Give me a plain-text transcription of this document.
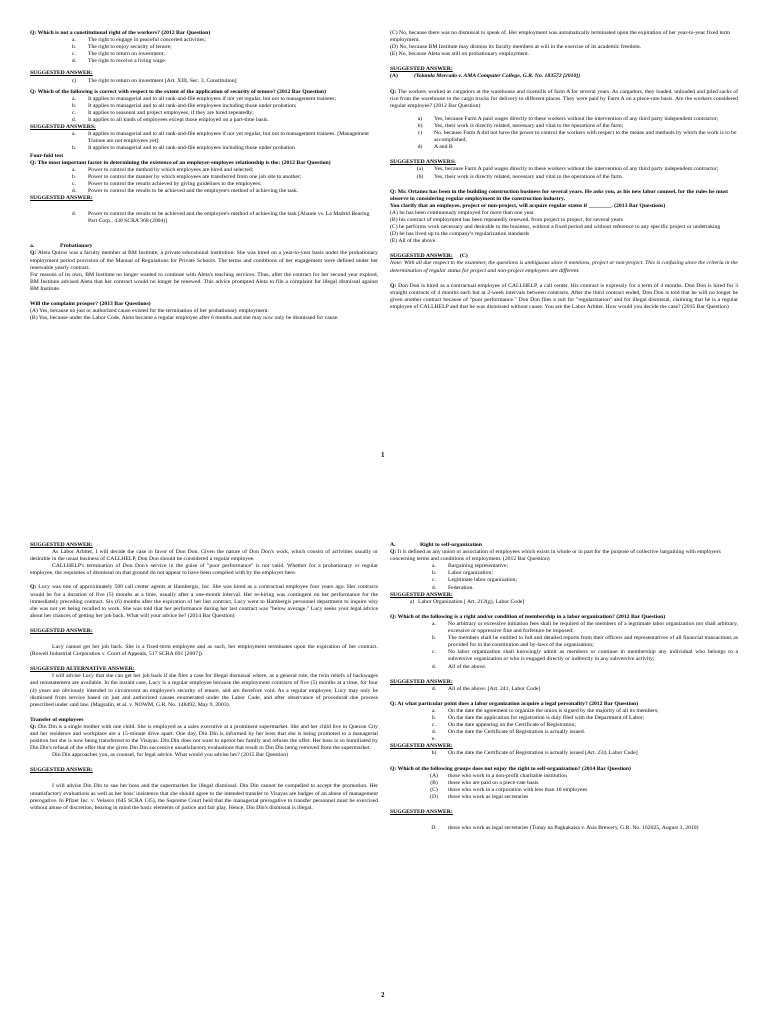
Q: Which is not a constitutional right of the workers? (2012 Bar Question)

a.	The right to engage in peaceful concerted activities;
b.	The right to enjoy security of tenure;
c.	The right to return on investment;
d.	The right to receive a living wage.

SUGGESTED ANSWER:

c)	The right to return on investment [Art. XIII, Sec. 3, Constitution]

Q: Which of the following is correct with respect to the extent of the application of security of tenure? (2012 Bar Question)

a.	It applies to managerial and to all rank-and-file employees if not yet regular, but not to management trainees;
b.	It applies to managerial and to all rank-and-file employees including those under probation;
c.	It applies to seasonal and project employees, if they are hired repeatedly;
d.	It applies to all kinds of employees except those employed on a part-time basis.

SUGGESTED ANSWERS:

a.	It applies to managerial and to all rank-and-file employees if not yet regular, but not to management trainees. [Management Trainee are not employees yet].
b.	It applies to managerial and to all rank-and-file employees including those under probation

Four-fold test

Q: The most important factor in determining the existence of an employer-employee relationship is the: (2012 Bar Question)

a.	Power to control the method by which employees are hired and selected;
b.	Power to control the manner by which employees are transferred from one job site to another;
c.	Power to control the results achieved by giving guidelines to the employees;
d.	Power to control the results to be achieved and the employee's method of achieving the task.

SUGGESTED ANSWER:

d.	Power to control the results to be achieved and the employee's method of achieving the task [Ahante vs. La Madrid Bearing Part Corp., 430 SCRA 368 (2004)]
a.	Probationary

Q: Aleta Quiros was a faculty member at BM Institute, a private educational institution. She was hired on a year-to-year basis under the probationary employment period provision of the Manual of Regulations for Private Schools. The terms and conditions of her engagement were defined under her renewable yearly contract.

For reasons of its own, BM Institute no longer wanted to continue with Aleta's teaching services. Thus, after the contract for her second year expired, BM Institute advised Aleta that her contract would no longer be renewed. This advice prompted Aleta to file a complaint for illegal dismissal against BM Institute.

Will the complaint prosper? (2013 Bar Questions)

(A) Yes, because no just or authorized cause existed for the termination of her probationary employment.

(B) Yes, because under the Labor Code, Aleta became a regular employee after 6 months and she may now only be dismissed for cause.

(C) No, because there was no dismissal to speak of. Her employment was automatically terminated upon the expiration of her year-to-year fixed term employment.

(D) No, because BM Institute may dismiss its faculty members at will in the exercise of its academic freedom.

(E) No, because Aleta was still on probationary employment.

SUGGESTED ANSWER:

(A)	(Yolanda Mercado v. AMA Computer College, G.R. No. 183572 [2010])

Q: The workers worked as cargadors at the warehouse and ricemills of farm A for several years. As cargadors, they loaded, unloaded and piled sacks of rice from the warehouse to the cargo trucks for delivery to different places. They were paid by Farm A on a piece-rate basis. Are the workers considered regular employee? (2012 Bar Question)

a)	Yes, because Farm A paid wages directly to these workers without the intervention of any third party independent contractor;
b)	Yes, their work is directly related, necessary and vital to the operations of the farm;
c)	No, because Farm A did not have the power to control the workers with respect to the means and methods by which the work is to be accomplished;
d)	A and B

SUGGESTED ANSWERS:

(a)	Yes, because Farm A paid wages directly to these workers without the intervention of any third party independent contractor;
(b)	Yes, their work is directly related, necessary and vital to the operations of the farm.

Q: Mr. Ortanez has been in the building construction business for several years. He asks you, as his new labor counsel, for the rules he must observe in considering regular employment in the construction industry.

You clarify that an employee, project or non-project, will acquire regular status if ________. (2013 Bar Questions)

(A) he has been continuously employed for more than one year

(B) his contract of employment has been repeatedly renewed, from project to project, for several years

(C) he performs work necessary and desirable to the business, without a fixed period and without reference to any specific project or undertaking

(D) he has lived up to the company's regularization standards

(E) All of the above.

SUGGESTED ANSWER: (C)

Note: With all due respect to the examiner, the questions is ambiguous since it mentions, project or non-project. This is confusing since the criteria in the determination of regular status for project and non-project employees are different.

Q: Don Don is hired as a contractual employee of CALLHELP, a call center. His contract is expressly for a term of 4 months. Don Don is hired for 3 straight contracts of 4 months each but at 2-week intervals between contracts. After the third contract ended, Don Don is told that he will no longer be given another contract because of "poor performance." Don Don files a suit for "regularization" and for illegal dismissal, claiming that he is a regular employee of CALLHELP and that he was dismissed without cause. You are the Labor Arbiter. How would you decide the case? (2015 Bar Question)

1

SUGGESTED ANSWER:

As Labor Arbiter, I will decide the case in favor of Don Don. Given the nature of Don Don's work, which consist of activities usually or desirable in the usual business of CALLHELP, Don Don should be considered a regular employee.

CALLHELP's termination of Don Don's service in the guise of "poor performance" is not valid. Whether for a probationary or regular employee, the requisites of dismissal on that ground do not appear to have been complied with by the employer here.

Q: Lucy was one of approximately 500 call center agents at Hambergis, Inc. She was hired as a contractual employee four years ago. Her contracts would be for a duration of five (5) months at a time, usually after a one-month interval. Her re-hiring was contingent on her performance for the immediately preceding contract. Six (6) months after the expiration of her last contract, Lucy went to Hambergis personnel department to inquire why she was not yet being recalled to work. She was told that her performance during her last contract was "below average." Lucy seeks your legal advice about her chances of getting her job back. What will your advice be? (2014 Bar Question)

SUGGESTED ANSWER:

Lucy cannot get her job back. She is a fixed-term employee and as such, her employment terminates upon the expiration of her contract. (Rowell Industrial Corporation v. Court of Appeals, 517 SCRA 691 [2007]).

SUGGESTED ALTERNATIVE ANSWER:

I will advise Lucy that she can get her job back if she files a case for illegal dismissal where, as a general rule, the twin reliefs of backwages and reinstatement are available. In the instant case, Lucy is a regular employee because the employment contracts of five (5) months at a time, for four (4) years are obviously intended to circumvent an employee's security of tenure, and are therefore void. As a regular employee, Lucy may only be dismissed from service based on just and authorized causes enumerated under the Labor Code, and after observance of procedural due process prescribed under said law. (Magsalin, et al. v. NOWM, G.R. No. 148492, May 9, 2003).

Transfer of employees

Q: Din Din is a single mother with one child. She is employed as a sales executive at a prominent supermarket. She and her child live in Quezon City and her residence and workplace are a 15-minute drive apart. One day, Din Din is informed by her boss that she is being promoted to a managerial position but she is now being transferred to the Visayas. Din Din does not want to uproot her family and refuses the offer. Her boss is so humiliated by Din Din's refusal of the offer that she gives Din Din successive unsatisfactory evaluations that result in Din Din being removed from the supermarket.

Din Din approaches you, as counsel, for legal advice. What would you advise her? (2015 Bar Question)

SUGGESTED ANSWER:

I will advise Din Din to sue her boss and the supermarket for illegal dismissal. Din Din cannot be compelled to accept the promotion. Her unsatisfactory evaluations as well as her boss' insistence that she should agree to the intended transfer to Visayas are badges of an abuse of management prerogative. In Pfizer Inc. v. Velasco (645 SCRA 135), the Supreme Court held that the managerial prerogative to transfer personnel must be exercised without abuse of discretion, bearing in mind the basic elements of justice and fair play. Hence, Din Din's dismissal is illegal.

A.	Right to self-organization

Q: It is defined as any union or association of employees which exists in whole or in part for the purpose of collective bargaining with employers concerning terms and conditions of employment. (2012 Bar Question)

a.	Bargaining representative;
b.	Labor organization;
c.	Legitimate labor organization;
d.	Federation.

SUGGESTED ANSWER:

a) Labor Organization [ Art. 212(g), Labor Code]

Q: Which of the following is a right and/or condition of membership in a labor organization? (2012 Bar Question)

a.	No arbitrary or excessive initiation fees shall be required of the members of a legitimate labor organization nor shall arbitrary, excessive or oppressive fine and forfeiture be imposed;
b.	The members shall be entitled to full and detailed reports from their officers and representatives of all financial transactions as provided for in the constitution and by-laws of the organization;
c.	No labor organization shall knowingly admit as members or continue in membership any individual who belongs to a subversive organization or who is engaged directly or indirectly in any subversive activity;
d.	All of the above.

SUGGESTED ANSWER:

d.	All of the above. [Art. 241, Labor Code]

Q: At what particular point does a labor organization acquire a legal personality? (2012 Bar Question)

a.	On the date the agreement to organize the union is signed by the majority of all its members;
b.	On the date the application for registration is duly filed with the Department of Labor;
c.	On the date appearing on the Certificate of Registration;
d.	On the date the Certificate of Registration is actually issued.
e.

SUGGESTED ANSWER:

b)	On the date the Certificate of Registration is actually issued [Art. 234, Labor Code]

Q: Which of the following groups does not enjoy the right to self-organization? (2014 Bar Question)

(A)	those who work in a non-profit charitable institution
(B)	those who are paid on a piece-rate basis
(C)	those who work in a corporation with less than 10 employees
(D)	those who work as legal secretaries

SUGGESTED ANSWER:

D.	those who work as legal secretaries (Tunay na Pagkakaisa v. Asia Brewery, G.R. No. 162025, August 3, 2010)
2
